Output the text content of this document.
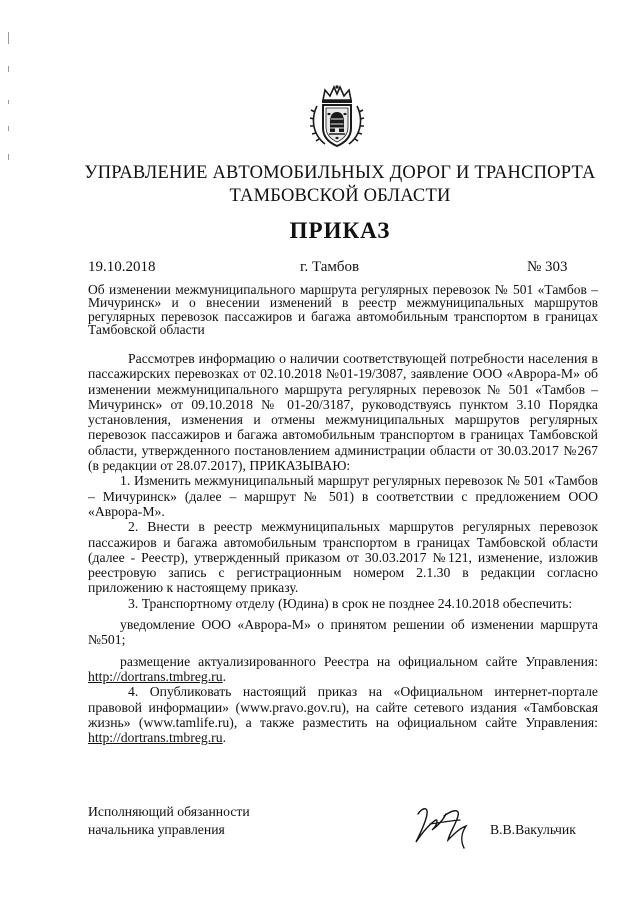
УПРАВЛЕНИЕ АВТОМОБИЛЬНЫХ ДОРОГ И ТРАНСПОРТА
ТАМБОВСКОЙ ОБЛАСТИ
ПРИКАЗ
19.10.2018	г. Тамбов	№ 303
Об изменении межмуниципального маршрута регулярных перевозок № 501 «Тамбов – Мичуринск» и о внесении изменений в реестр межмуниципальных маршрутов регулярных перевозок пассажиров и багажа автомобильным транспортом в границах Тамбовской области

Рассмотрев информацию о наличии соответствующей потребности населения в пассажирских перевозках от 02.10.2018 №01-19/3087, заявление ООО «Аврора-М» об изменении межмуниципального маршрута регулярных перевозок № 501 «Тамбов – Мичуринск» от 09.10.2018 № 01-20/3187, руководствуясь пунктом 3.10 Порядка установления, изменения и отмены межмуниципальных маршрутов регулярных перевозок пассажиров и багажа автомобильным транспортом в границах Тамбовской области, утвержденного постановлением администрации области от 30.03.2017 №267 (в редакции от 28.07.2017), ПРИКАЗЫВАЮ:

1. Изменить межмуниципальный маршрут регулярных перевозок № 501 «Тамбов – Мичуринск» (далее – маршрут № 501) в соответствии с предложением ООО «Аврора-М».

2. Внести в реестр межмуниципальных маршрутов регулярных перевозок пассажиров и багажа автомобильным транспортом в границах Тамбовской области (далее - Реестр), утвержденный приказом от 30.03.2017 №121, изменение, изложив реестровую запись с регистрационным номером 2.1.30 в редакции согласно приложению к настоящему приказу.

3. Транспортному отделу (Юдина) в срок не позднее 24.10.2018 обеспечить:

уведомление ООО «Аврора-М» о принятом решении об изменении маршрута №501;

размещение актуализированного Реестра на официальном сайте Управления: http://dortrans.tmbreg.ru.

4. Опубликовать настоящий приказ на «Официальном интернет-портале правовой информации» (www.pravo.gov.ru), на сайте сетевого издания «Тамбовская жизнь» (www.tamlife.ru), а также разместить на официальном сайте Управления: http://dortrans.tmbreg.ru.

Исполняющий обязанности
начальника управления	В.В.Вакульчик
